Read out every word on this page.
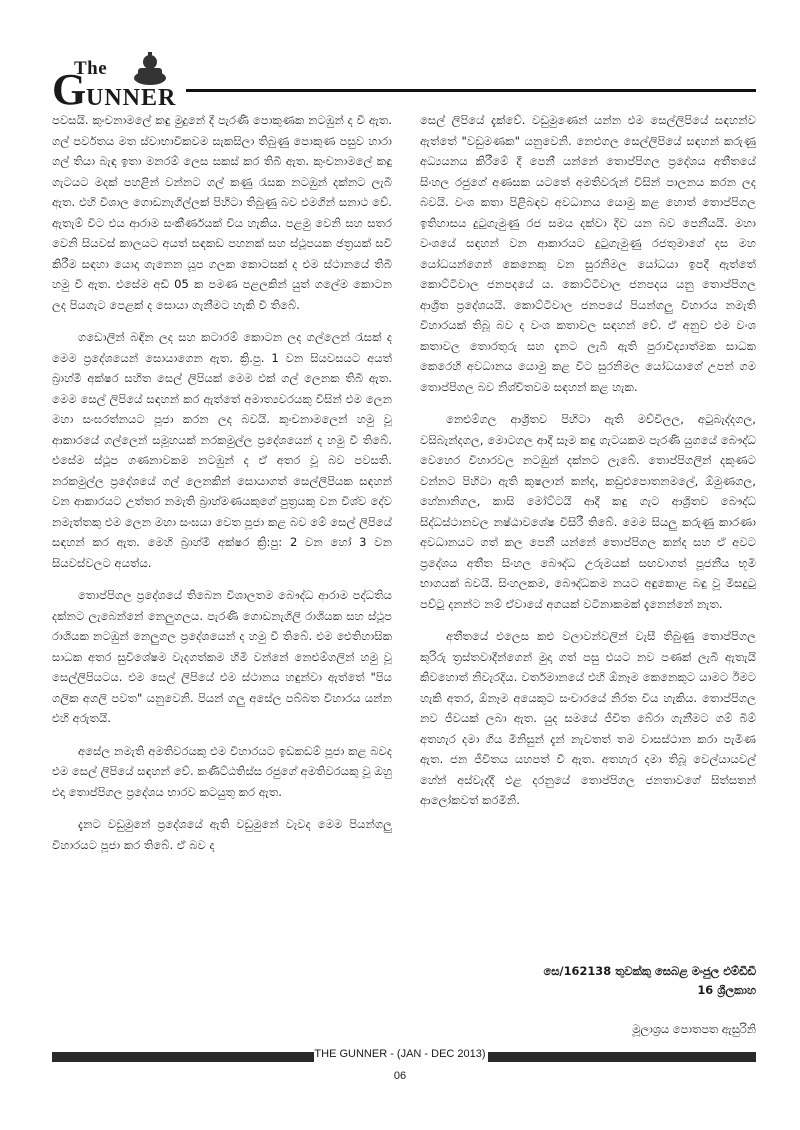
The
G UNNER

පවසයි. කුංචනාමලේ කඳු මුදුනේ දී පැරණි පොකුණක නටඹුන් ද වී ඇත. ගල් පර්වතය මත ස්වාභාවිකවම සැකසිලා තිබුණු පොකුණ පසුව හාරා ගල් තියා බැඳ ඉතා මනරම් ලෙස සකස් කර තිබී ඇත. කුංචනාමලේ කඳු ගැටයට මදක් පහළින් වන්නට ගල් කණු රැසක නටඹුන් දක්නට ලැබී ඇත. එහි විශාල ගොඩනැගිල්ලක් පිහිටා තිබුණු බව එමගින් සනාථ වේ. ඇතැම් විට එය ආරාම සංකීර්ණයක් විය හැකිය. පළමු වෙනි සහ සතර වෙනි සියවස් කාලයට අයත් සඳකඩ පහනක් සහ ස්ථූපයක ඡත්‍රයක් සවි කිරීම සඳහා යොදා ගැනෙන යූප ගලක කොටසක් ද එම ස්ථානයේ තිබී හමු වී ඇත. එසේම අඩි 05 ක පමණ පළලකින් යුත් ගලේම කොටන ලද පියගැට පෙළක් ද සොයා ගැනීමට හැකි වී තිබේ.

ගඩොලින් බඳින ලද සහ කටාරම් කොටන ලද ගල්ලෙන් රැසක් ද මෙම ප්‍රදේශයෙන් සොයාගෙන ඇත. ක්‍රි.පු. 1 වන සියවසයට අයත් බ්‍රාහ්මී අක්ෂර සහිත සෙල් ලිපියක් මෙම එක් ගල් ලෙනක තිබී ඇත. මෙම සෙල් ලිපියේ සඳහන් කර ඇත්තේ අමාත්‍යවරයකු විසින් එම ලෙන මහා සංඝරත්නයට පූජා කරන ලද බවයි. කුංචනාමලෙන් හමු වූ ආකාරයේ ගල්ලෙන් සමූහයක් නරකමුල්ල ප්‍රදේශයෙන් ද හමු වී තිබේ. එසේම ස්ථූප ගණනාවකම නටඹුන් ද ඒ අතර වූ බව පවසති. නරකමුල්ල ප්‍රදේශයේ ගල් ලෙනකින් සොයාගත් සෙල්ලිපියක සඳහන් වන ආකාරයට උත්තර නමැති බ්‍රාහ්මණයකුගේ පුත්‍රයකු වන විශ්ව දේව නමැත්තකු එම ලෙන මහා සංඝයා වෙත පූජා කළ බව මේ සෙල් ලිපියේ සඳහන් කර ඇත. මෙහි බ්‍රාහ්මී අක්ෂර ක්‍රි:පු: 2 වන හෝ 3 වන සියවස්වලට අයත්ය.

තොප්පිගල ප්‍රදේශයේ තිබෙන විශාලතම බෞද්ධ ආරාම පද්ධතිය දක්නට ලැබෙන්නේ නෙලුගලය. පැරණි ගොඩනැගිලි රාශියක සහ ස්ථූප රාශියක නටඹුන් නෙලුගල ප්‍රදේශයෙන් ද හමු වී තිබේ. එම ඓතිහාසික සාධක අතර සුවිශේෂම වැදගත්කම හිමි වන්නේ නෙළුම්ගලින් හමු වූ සෙල්ලිපියටය. එම සෙල් ලිපියේ එම ස්ථානය හඳුන්වා ඇත්තේ "පිය ගලික අගලි පවත" යනුවෙනි. පියන් ගලු අසේල පබ්බත විහාරය යන්න එහි අරුතයි.

අසේල නමැති අමතිවරයකු එම විහාරයට ඉඩකඩම් පූජා කළ බවද එම සෙල් ලිපියේ සඳහන් වේ. කණිට්ඨතිස්ස රජුගේ අමතිවරයකු වූ ඔහු එදා තොප්පිගල ප්‍රදේශය භාරව කටයුතු කර ඇත.

දැනට වඩුමුනේ ප්‍රදේශයේ ඇති වඩුමුනේ වැවද මෙම පියන්ගලු විහාරයට පූජා කර තිබේ. ඒ බව ද

සෙල් ලිපියේ දැක්වේ. වඩුමුණෙන් යන්න එම සෙල්ලිපියේ සඳහන්ව ඇත්තේ "වඩුමණක" යනුවෙනි. නෙළුගල සෙල්ලිපියේ සඳහන් කරුණු අධ්‍යයනය කිරීමේ දී පෙනී යන්නේ තොප්පිගල ප්‍රදේශය අතීතයේ සිංහල රජුගේ අණසක යටතේ අමතිවරුන් විසින් පාලනය කරන ලද බවයි. වංශ කතා පිළිබඳව අවධානය යොමු කළ හොත් තොප්පිගල ඉතිහාසය දුටුගැමුණු රජ සමය දක්වා දිව යන බව පෙනීයයි. මහා වංශයේ සඳහන් වන ආකාරයට දුටුගැමුණු රජතුමාගේ දස මහ යෝධයන්ගෙන් කෙනෙකු වන සුරනිමල යෝධයා ඉපදී ඇත්තේ කොට්ටිවාල ජනපදයේ ය. කොට්ටිවාල ජනපදය යනු තොප්පිගල ආශ්‍රිත ප්‍රදේශයයි. කොට්ටිවාල ජනපයේ පියන්ගලු විහාරය නමැති විහාරයක් තිබූ බව ද වංශ කතාවල සඳහන් වේ. ඒ අනුව එම වංශ කතාවල තොරතුරු සහ දැනට ලැබී ඇති පුරාවිද්‍යාත්මක සාධක කෙරෙහි අවධානය යොමු කළ විට සුරනිමල යෝධයාගේ උපන් ගම තොප්පිගල බව නිශ්චිතවම සඳහන් කළ හැක.

නෙළුම්ගල ආශ්‍රිතව පිහිටා ඇති මව්විලල, අටුබැද්දගල, වසිබැන්දගල, මොටගල ආදී සෑම කඳු ගැටයකම පැරණි යුගයේ බෞද්ධ වෙහෙර විහාරවල නටඹුන් දක්නට ලැබේ. තොප්පිගලින් දකුණට වන්නට පිහිටා ඇති කුෂලාන් කන්ද, කඩුළුපොතනමලේ, ඕමුණගල, හේනානිගල, කාසි මෝට්ටයි ආදී කඳු ගැට ආශ්‍රිතව බෞද්ධ සිද්ධස්ථානවල නෂ්ඨාවශේෂ විසිරී තිබේ. මෙම සියලු කරුණු කාරණා අවධානයට ගත් කල පෙනී යන්නේ තොප්පිගල කන්ද සහ ඒ අවට ප්‍රදේශය අතීත සිංහල බෞද්ධ උරුමයක් සඟවාගත් පූජනීය භූමි භාගයක් බවයි. සිංහලකම, බෞද්ධකම නයට අඳුකොළ බඳු වූ මිසදුටු පව්ටු දනන්ට නම් ඒවායේ අගයක් වටිනාකමක් දැනෙන්නේ නැත.

අතීතයේ එලෙස කළු වලාවන්වලින් වැසී තිබුණු තොප්පිගල කුරිරු ත්‍රස්තවාදීන්ගෙන් මුදා ගත් පසු එයට නව පණක් ලැබී ඇතැයි කිවහොත් නිවැරදිය. වර්තමානයේ එහි ඕනෑම කෙනෙකුට යාමට ඊමට හැකි අතර, ඕනෑම අයෙකුට සංචාරයේ නිරත විය හැකිය. තොප්පිගල නව ජීවයක් ලබා ඇත. යුද සමයේ ජීවිත බේරා ගැනීමට ගම් බිම් අතහැර දමා ගිය මිනිසුන් දැන් නැවතත් තම වාසස්ථාන කරා පැමිණ ඇත. ජන ජීවිතය යහපත් වී ඇත. අතහැර දමා තිබූ වෙල්යායවල් හේන් අස්වැද්දී එළ දරනුයේ තොප්පිගල ජනතාවගේ සිත්සතන් ආලෝකවත් කරමිනි.

සෙ/162138 තුවක්කු සෙබළ මංජුල එම්ඩීඩී
16 ශ්‍රීලකාහ
මූලාශ්‍රය පොතපත ඇසුරිනි
THE GUNNER - (JAN - DEC 2013)
06
